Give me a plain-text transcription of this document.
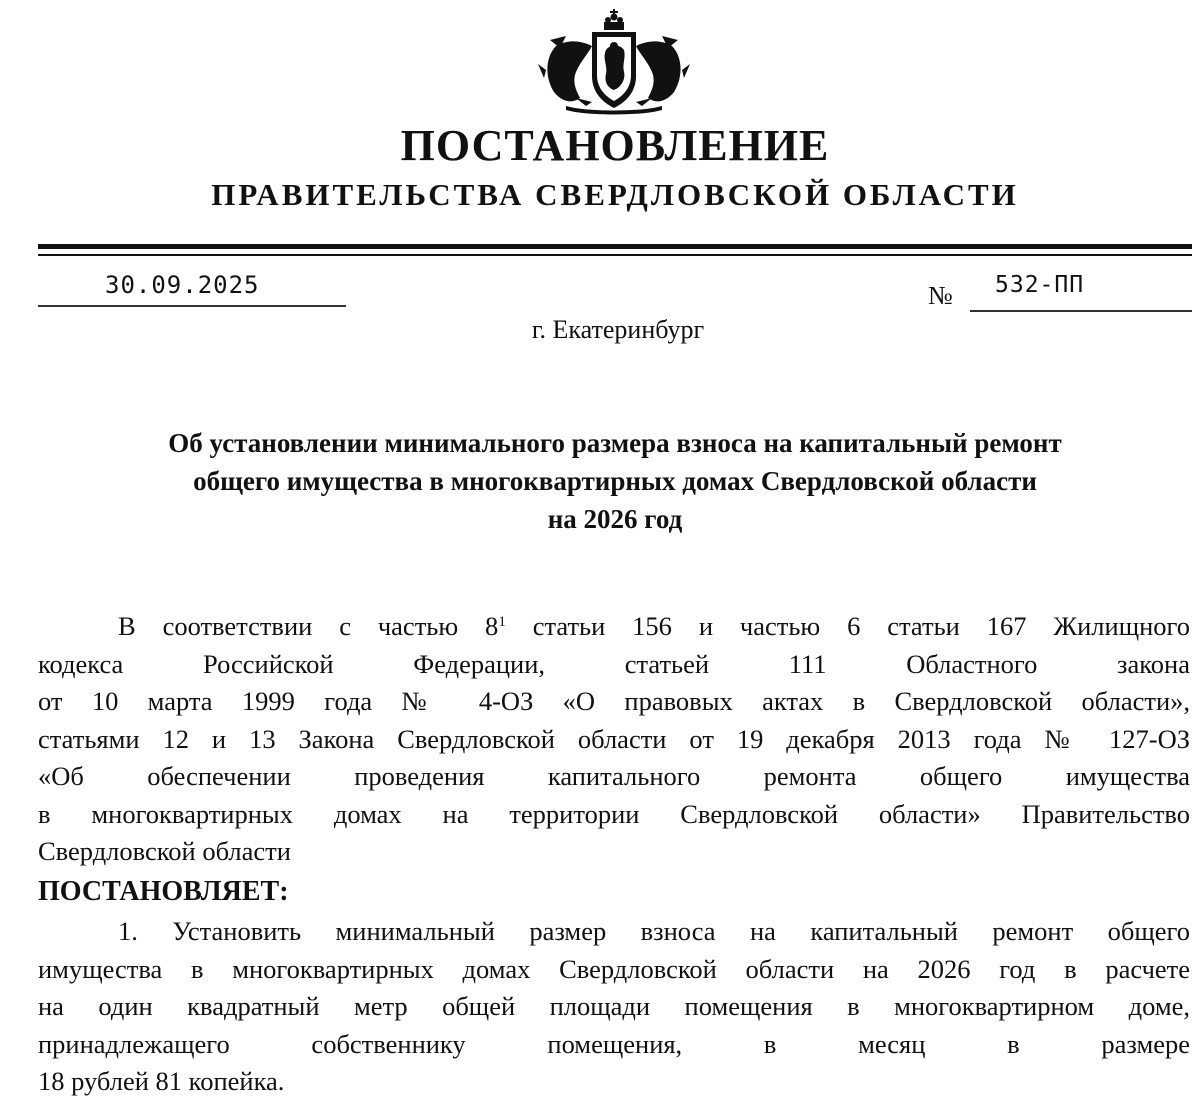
ПОСТАНОВЛЕНИЕ
ПРАВИТЕЛЬСТВА СВЕРДЛОВСКОЙ ОБЛАСТИ
30.09.2025	№ 532-ПП
г. Екатеринбург
Об установлении минимального размера взноса на капитальный ремонт
общего имущества в многоквартирных домах Свердловской области
на 2026 год
В соответствии с частью $8^1$ статьи 156 и частью 6 статьи 167 Жилищного
кодекса Российской Федерации, статьей 111 Областного закона
от 10 марта 1999 года № 4-ОЗ «О правовых актах в Свердловской области»,
статьями 12 и 13 Закона Свердловской области от 19 декабря 2013 года № 127-ОЗ
«Об обеспечении проведения капитального ремонта общего имущества
в многоквартирных домах на территории Свердловской области» Правительство
Свердловской области
ПОСТАНОВЛЯЕТ:
1. Установить минимальный размер взноса на капитальный ремонт общего
имущества в многоквартирных домах Свердловской области на 2026 год в расчете
на один квадратный метр общей площади помещения в многоквартирном доме,
принадлежащего собственнику помещения, в месяц в размере
18 рублей 81 копейка.
